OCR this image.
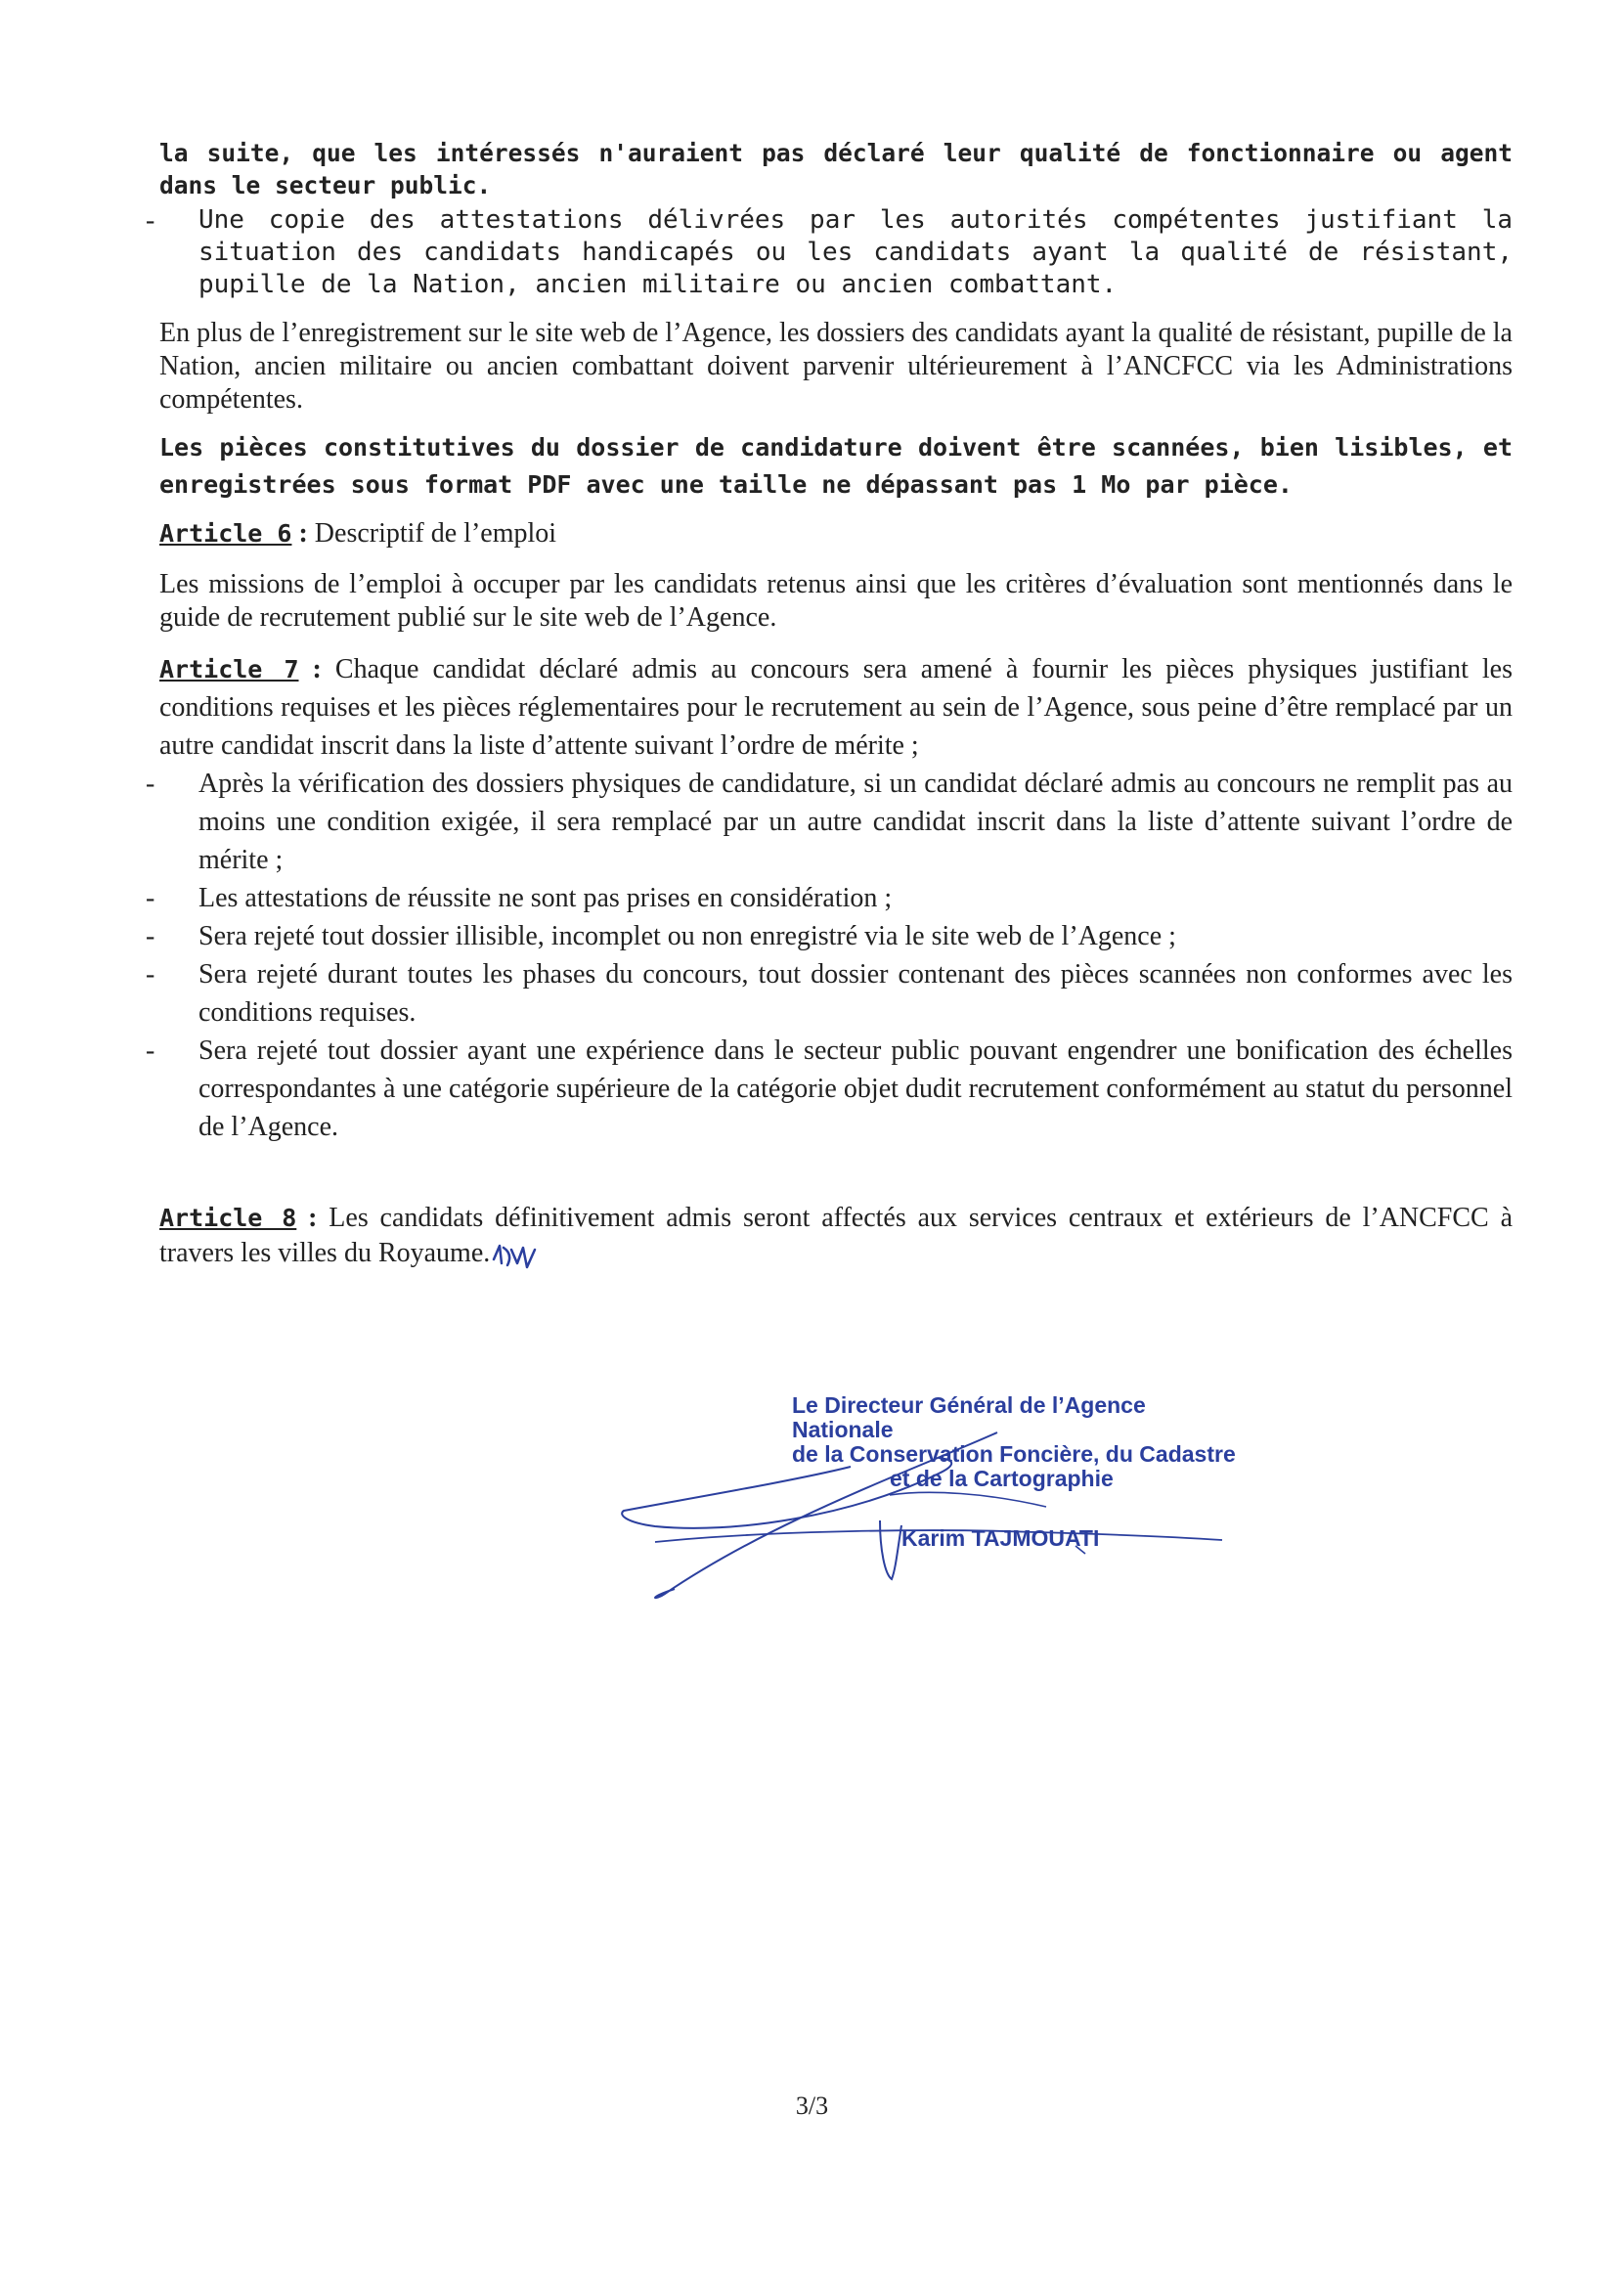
la suite, que les intéressés n'auraient pas déclaré leur qualité de fonctionnaire ou agent dans le secteur public.

- Une copie des attestations délivrées par les autorités compétentes justifiant la situation des candidats handicapés ou les candidats ayant la qualité de résistant, pupille de la Nation, ancien militaire ou ancien combattant.

En plus de l’enregistrement sur le site web de l’Agence, les dossiers des candidats ayant la qualité de résistant, pupille de la Nation, ancien militaire ou ancien combattant doivent parvenir ultérieurement à l’ANCFCC via les Administrations compétentes.

Les pièces constitutives du dossier de candidature doivent être scannées, bien lisibles, et enregistrées sous format PDF avec une taille ne dépassant pas 1 Mo par pièce.

Article 6 : Descriptif de l’emploi

Les missions de l’emploi à occuper par les candidats retenus ainsi que les critères d’évaluation sont mentionnés dans le guide de recrutement publié sur le site web de l’Agence.

Article 7 : Chaque candidat déclaré admis au concours sera amené à fournir les pièces physiques justifiant les conditions requises et les pièces réglementaires pour le recrutement au sein de l’Agence, sous peine d’être remplacé par un autre candidat inscrit dans la liste d’attente suivant l’ordre de mérite ;

- Après la vérification des dossiers physiques de candidature, si un candidat déclaré admis au concours ne remplit pas au moins une condition exigée, il sera remplacé par un autre candidat inscrit dans la liste d’attente suivant l’ordre de mérite ;

- Les attestations de réussite ne sont pas prises en considération ;

- Sera rejeté tout dossier illisible, incomplet ou non enregistré via le site web de l’Agence ;

- Sera rejeté durant toutes les phases du concours, tout dossier contenant des pièces scannées non conformes avec les conditions requises.

- Sera rejeté tout dossier ayant une expérience dans le secteur public pouvant engendrer une bonification des échelles correspondantes à une catégorie supérieure de la catégorie objet dudit recrutement conformément au statut du personnel de l’Agence.

Article 8 : Les candidats définitivement admis seront affectés aux services centraux et extérieurs de l’ANCFCC à travers les villes du Royaume.

Le Directeur Général de l’Agence Nationale
de la Conservation Foncière, du Cadastre
et de la Cartographie
Karim TAJMOUATI
3/3
